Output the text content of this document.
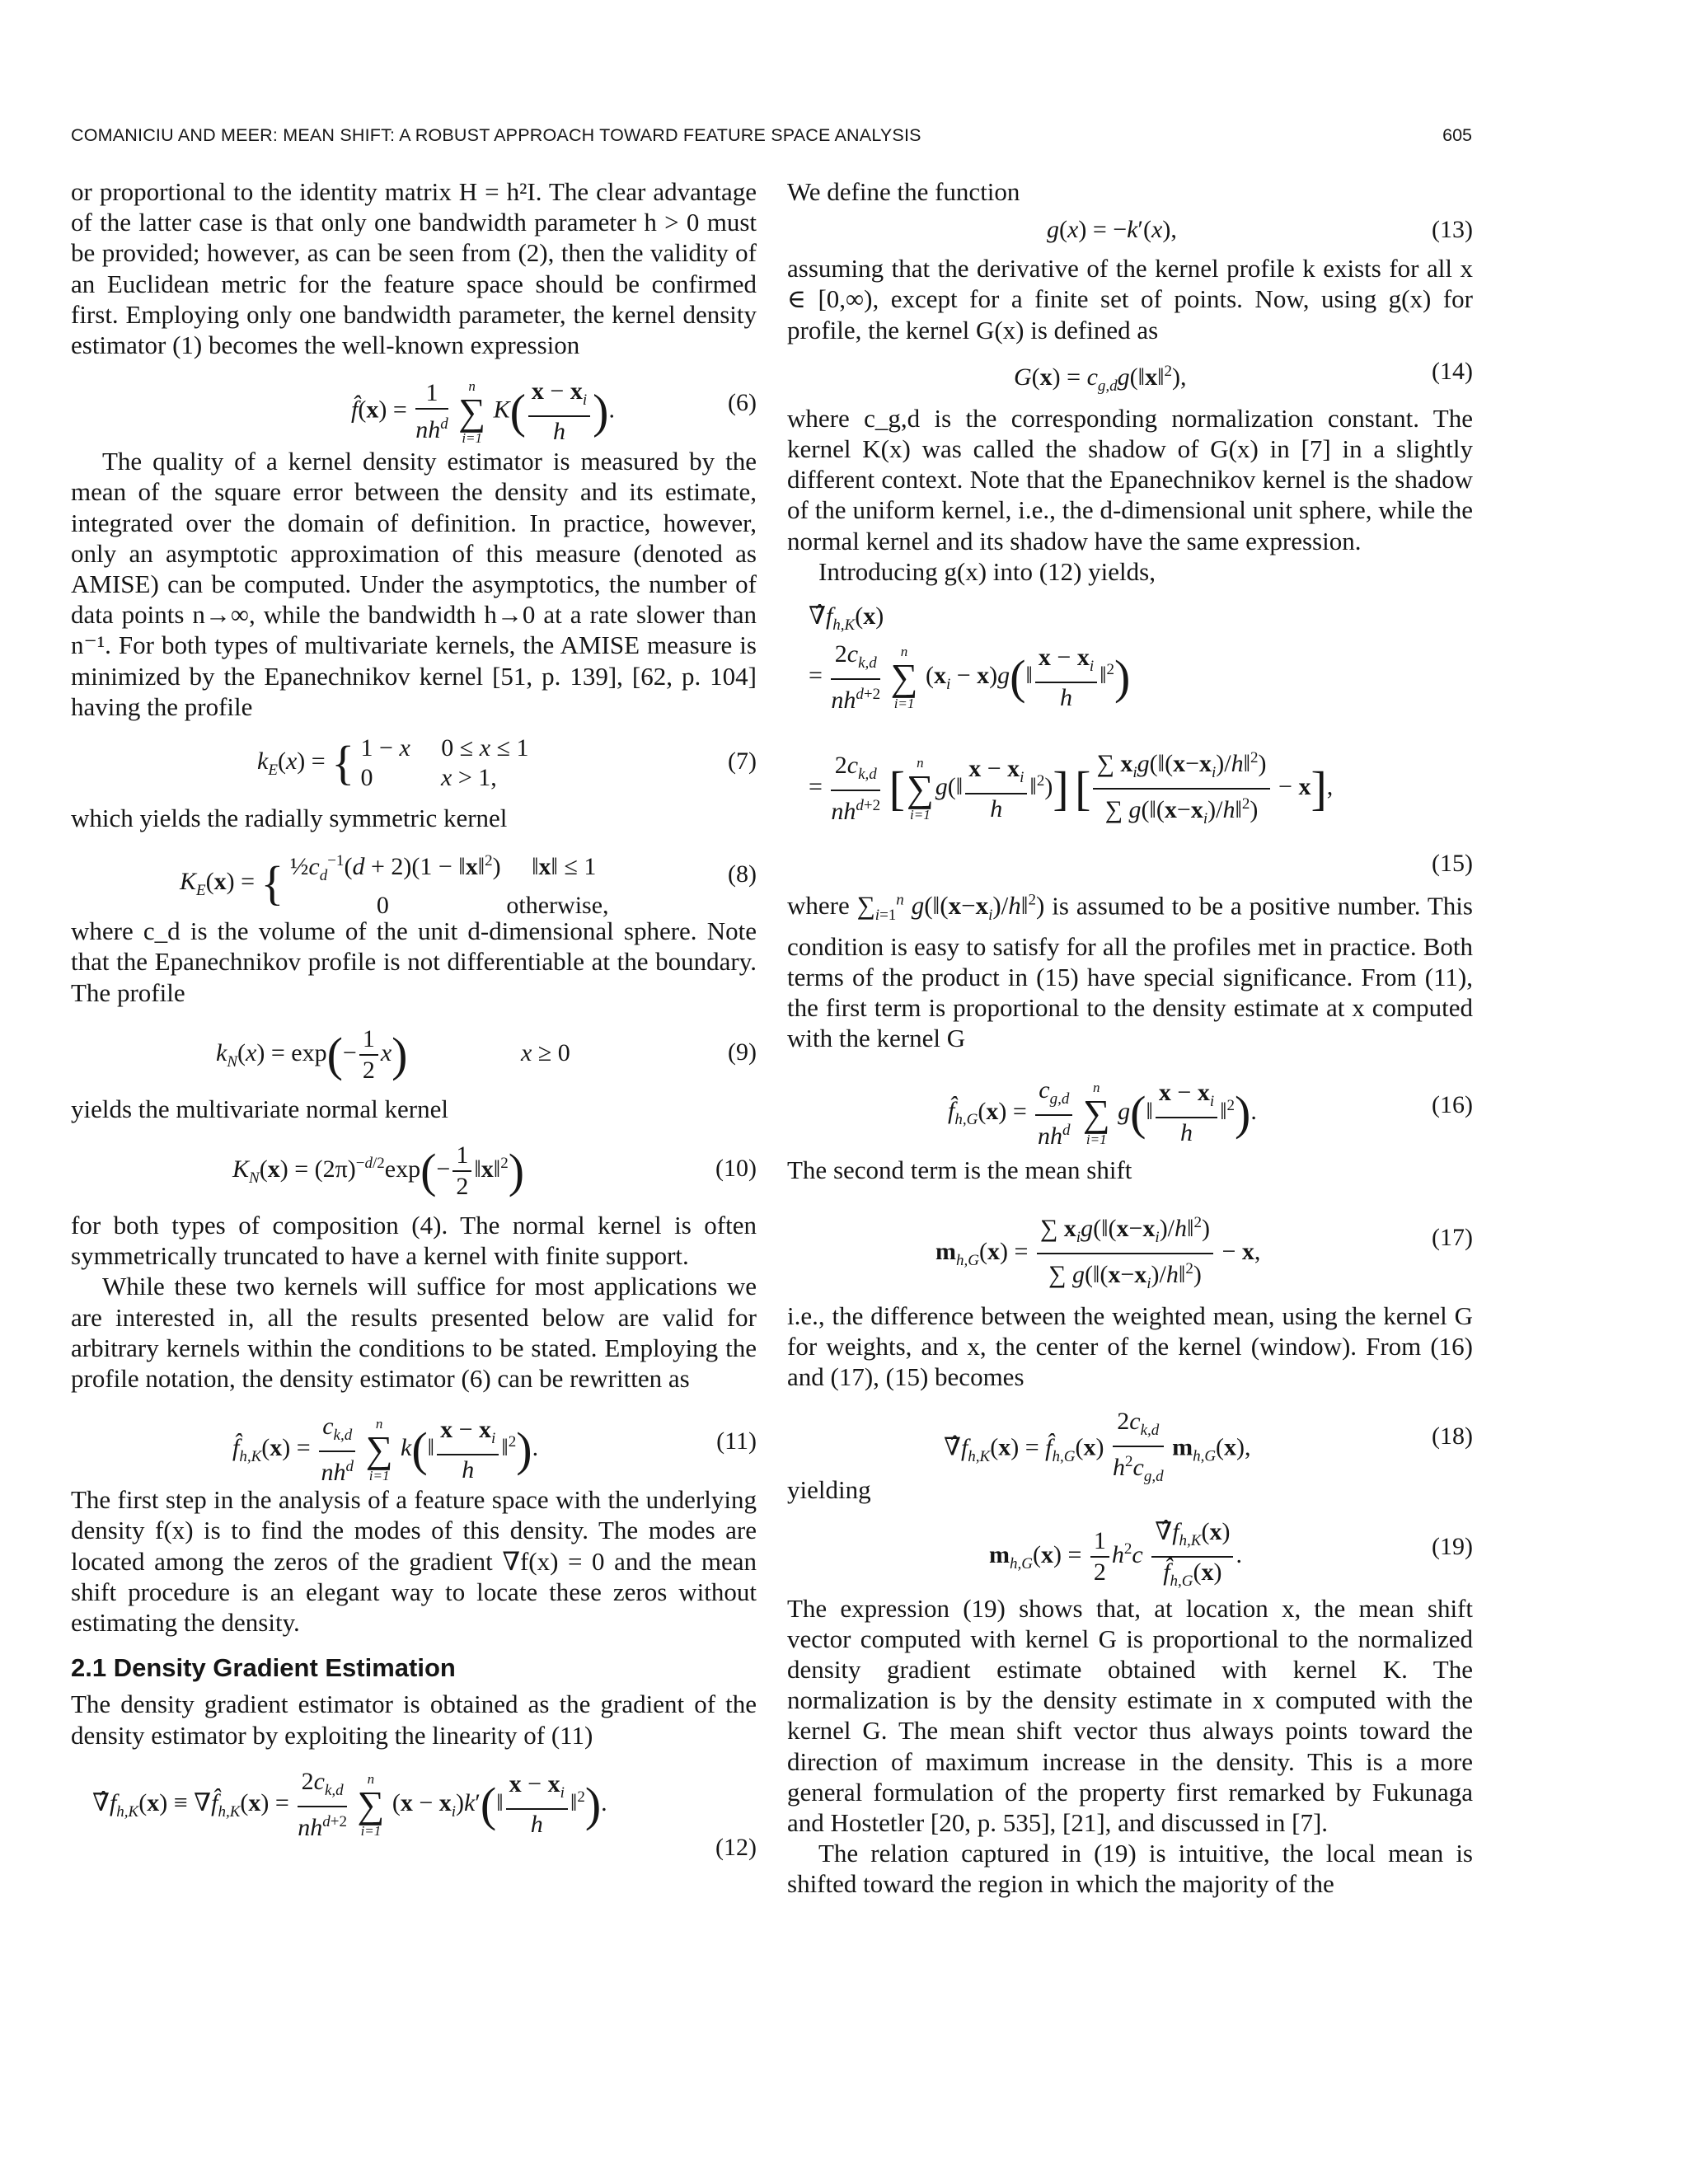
COMANICIU AND MEER: MEAN SHIFT: A ROBUST APPROACH TOWARD FEATURE SPACE ANALYSIS	605

or proportional to the identity matrix H = h²I. The clear advantage of the latter case is that only one bandwidth parameter h > 0 must be provided; however, as can be seen from (2), then the validity of an Euclidean metric for the feature space should be confirmed first. Employing only one bandwidth parameter, the kernel density estimator (1) becomes the well-known expression

f̂(x) = $\frac{1}{nh^d}$
	n
∑
i=1
$K( \frac{x - x_i}{h}$ ).	(6)

The quality of a kernel density estimator is measured by the mean of the square error between the density and its estimate, integrated over the domain of definition. In practice, however, only an asymptotic approximation of this measure (denoted as AMISE) can be computed. Under the asymptotics, the number of data points n→∞, while the bandwidth h→0 at a rate slower than n⁻¹. For both types of multivariate kernels, the AMISE measure is minimized by the Epanechnikov kernel [51, p. 139], [62, p. 104] having the profile

$k_E(x)$ = { 1 − x     0 ≤ x ≤ 1
0           x > 1,
(7)

which yields the radially symmetric kernel

$K_E(x)$ = { $\frac{1}{2}c_d^{-1}(d + 2)(1$ − ‖x‖$^2$)     ‖x‖ ≤ 1
0                   otherwise,
(8)

where c_d is the volume of the unit d-dimensional sphere. Note that the Epanechnikov profile is not differentiable at the boundary. The profile

$k_N(x) = \exp(- \frac{1}{2} x)$	x ≥ 0	(9)

yields the multivariate normal kernel

$K_N(x) = (2\pi)^{-d/2}\exp(- \frac{1}{2}$ ‖x‖$^2$)	(10)

for both types of composition (4). The normal kernel is often symmetrically truncated to have a kernel with finite support.

While these two kernels will suffice for most applications we are interested in, all the results presented below are valid for arbitrary kernels within the conditions to be stated. Employing the profile notation, the density estimator (6) can be rewritten as

$f̂_{h,K}(x) = \frac{c_{k,d}}{nh^d}$
	n
∑
i=1
k(‖ $\frac{x - x_i}{h}$ ‖$^2$).	(11)

The first step in the analysis of a feature space with the underlying density f(x) is to find the modes of this density. The modes are located among the zeros of the gradient ∇f(x) = 0 and the mean shift procedure is an elegant way to locate these zeros without estimating the density.

2.1 Density Gradient Estimation

The density gradient estimator is obtained as the gradient of the density estimator by exploiting the linearity of (11)

$\nablâf_{h,K}(x)$ ≡ $\nabla f̂_{h,K}(x) = \frac{2c_{k,d}}{nh^{d+2}}$
	n
∑
i=1
$(x - x_i)k'(‖ \frac{x - x_i}{h}$ ‖$^2$).
(12)

We define the function

g(x) = −k′(x),	(13)

assuming that the derivative of the kernel profile k exists for all x ∈ [0,∞), except for a finite set of points. Now, using g(x) for profile, the kernel G(x) is defined as

$G(x) = c_{g,d}g(‖x‖^2)$,	(14)

where c_g,d is the corresponding normalization constant. The kernel K(x) was called the shadow of G(x) in [7] in a slightly different context. Note that the Epanechnikov kernel is the shadow of the uniform kernel, i.e., the d-dimensional unit sphere, while the normal kernel and its shadow have the same expression.

Introducing g(x) into (12) yields,

$\nablâf_{h,K}(x)$
= $\frac{2c_{k,d}}{nh^{d+2}}$
	n
∑
i=1
($x_i$ − x)g(‖ $\frac{x - x_i}{h}$ ‖$^2$)
= $\frac{2c_{k,d}}{nh^{d+2}}$ [ n
∑
i=1
g(‖ $\frac{x - x_i}{h}$ ‖$^2$)] [ $\frac{\sum x_ig(‖(x-x_i)/h‖^2)}{\sum g(‖(x-x_i)/h‖^2)} - x$],
(15)

where $\sum_{i=1}^n$ $g(‖(x-x_i)/h‖^2)$ is assumed to be a positive number. This condition is easy to satisfy for all the profiles met in practice. Both terms of the product in (15) have special significance. From (11), the first term is proportional to the density estimate at x computed with the kernel G

$f̂_{h,G}(x) = \frac{c_{g,d}}{nh^d}$
	n
∑
i=1
g(‖ $\frac{x - x_i}{h}$ ‖$^2$).	(16)

The second term is the mean shift

$m_{h,G}(x) = \frac{\sum x_ig(‖(x-x_i)/h‖^2)}{\sum g(‖(x-x_i)/h‖^2)} - x$,
(17)

i.e., the difference between the weighted mean, using the kernel G for weights, and x, the center of the kernel (window). From (16) and (17), (15) becomes

$\nablâf_{h,K}(x)$ = $f̂_{h,G}(x) \frac{2c_{k,d}}{h^2c_{g,d}} m_{h,G}(x)$,	(18)

yielding

$m_{h,G}(x) = \frac{1}{2} h^2c \frac{\nablâf_{h,K}(x)}{f̂_{h,G}(x)}$ .	(19)

The expression (19) shows that, at location x, the mean shift vector computed with kernel G is proportional to the normalized density gradient estimate obtained with kernel K. The normalization is by the density estimate in x computed with the kernel G. The mean shift vector thus always points toward the direction of maximum increase in the density. This is a more general formulation of the property first remarked by Fukunaga and Hostetler [20, p. 535], [21], and discussed in [7].

The relation captured in (19) is intuitive, the local mean is shifted toward the region in which the majority of the
